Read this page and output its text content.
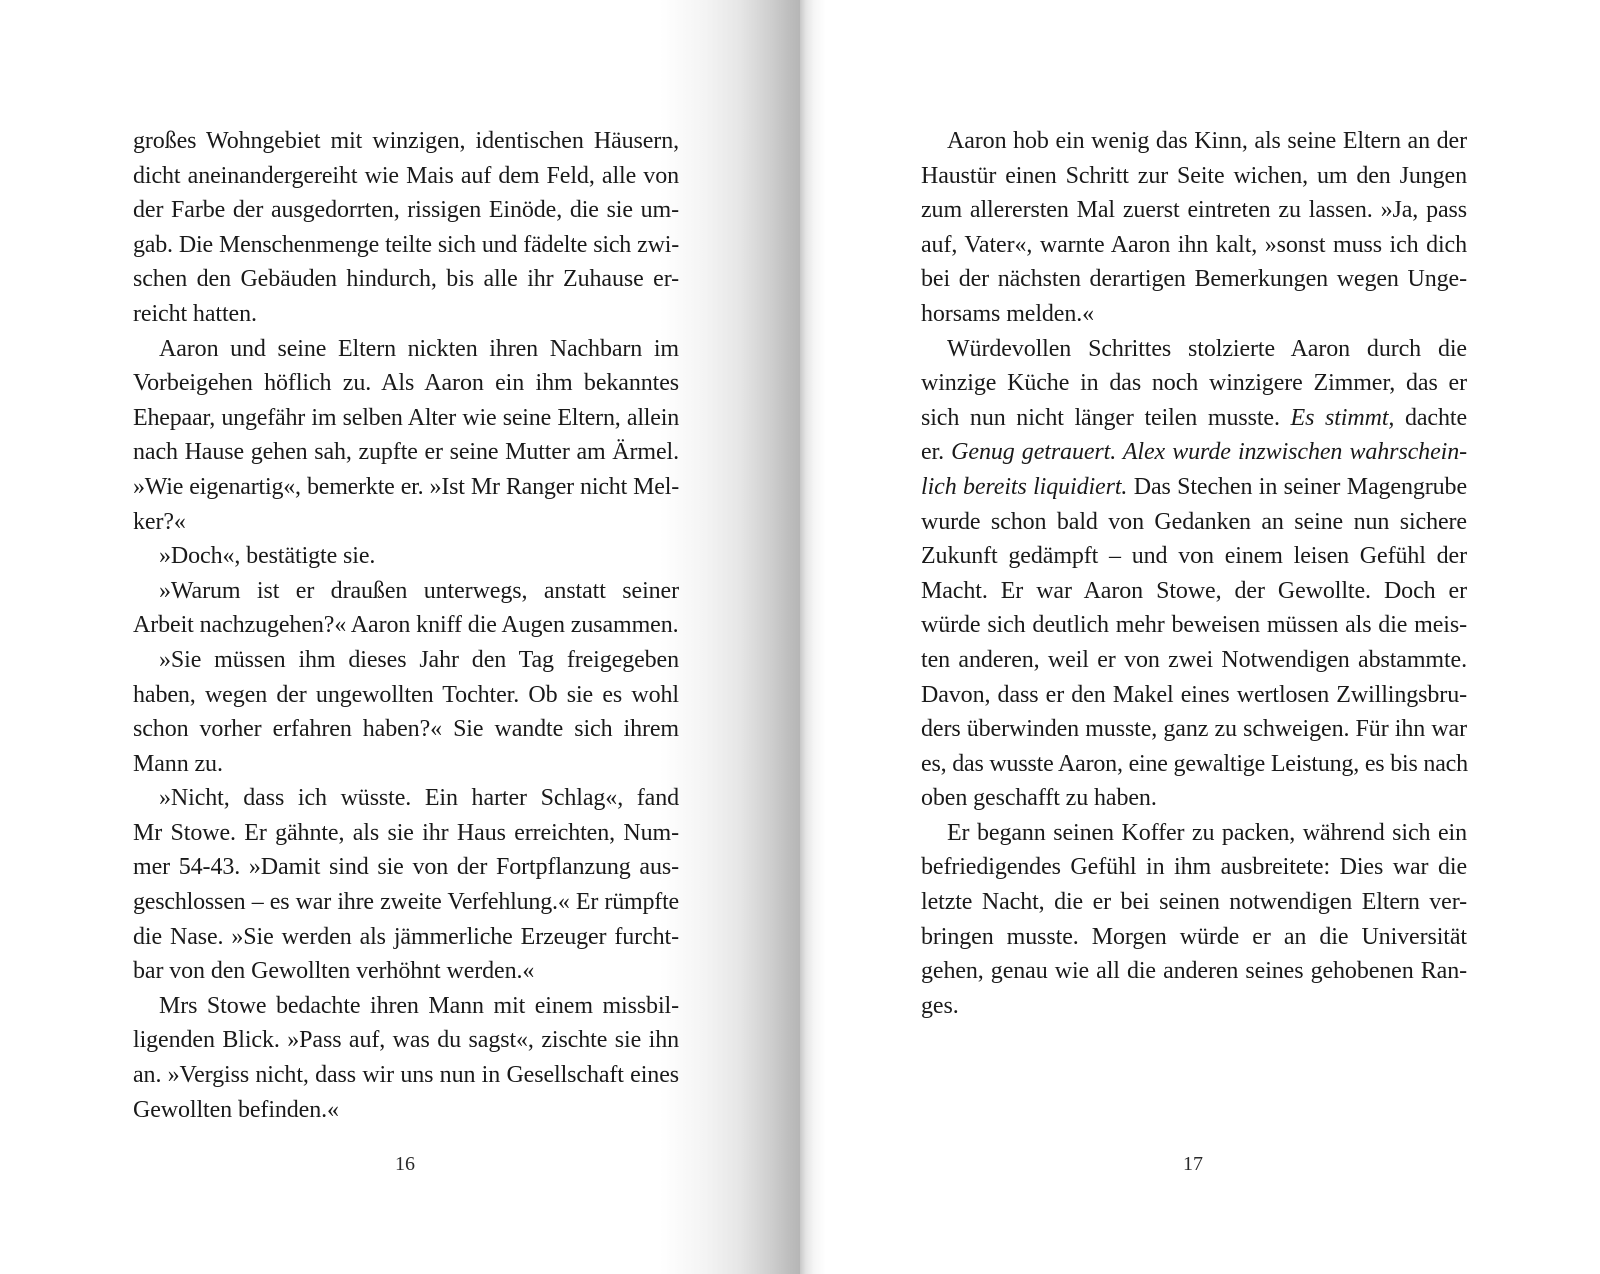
großes Wohngebiet mit winzigen, identischen Häusern,
dicht aneinandergereiht wie Mais auf dem Feld, alle von
der Farbe der ausgedorrten, rissigen Einöde, die sie um-
gab. Die Menschenmenge teilte sich und fädelte sich zwi-
schen den Gebäuden hindurch, bis alle ihr Zuhause er-
reicht hatten.
Aaron und seine Eltern nickten ihren Nachbarn im
Vorbeigehen höflich zu. Als Aaron ein ihm bekanntes
Ehepaar, ungefähr im selben Alter wie seine Eltern, allein
nach Hause gehen sah, zupfte er seine Mutter am Ärmel.
»Wie eigenartig«, bemerkte er. »Ist Mr Ranger nicht Mel-
ker?«
»Doch«, bestätigte sie.
»Warum ist er draußen unterwegs, anstatt seiner
Arbeit nachzugehen?« Aaron kniff die Augen zusammen.
»Sie müssen ihm dieses Jahr den Tag freigegeben
haben, wegen der ungewollten Tochter. Ob sie es wohl
schon vorher erfahren haben?« Sie wandte sich ihrem
Mann zu.
»Nicht, dass ich wüsste. Ein harter Schlag«, fand
Mr Stowe. Er gähnte, als sie ihr Haus erreichten, Num-
mer 54-43. »Damit sind sie von der Fortpflanzung aus-
geschlossen – es war ihre zweite Verfehlung.« Er rümpfte
die Nase. »Sie werden als jämmerliche Erzeuger furcht-
bar von den Gewollten verhöhnt werden.«
Mrs Stowe bedachte ihren Mann mit einem missbil-
ligenden Blick. »Pass auf, was du sagst«, zischte sie ihn
an. »Vergiss nicht, dass wir uns nun in Gesellschaft eines
Gewollten befinden.«
16
Aaron hob ein wenig das Kinn, als seine Eltern an der
Haustür einen Schritt zur Seite wichen, um den Jungen
zum allerersten Mal zuerst eintreten zu lassen. »Ja, pass
auf, Vater«, warnte Aaron ihn kalt, »sonst muss ich dich
bei der nächsten derartigen Bemerkungen wegen Unge-
horsams melden.«
Würdevollen Schrittes stolzierte Aaron durch die
winzige Küche in das noch winzigere Zimmer, das er
sich nun nicht länger teilen musste. Es stimmt, dachte
er. Genug getrauert. Alex wurde inzwischen wahrschein-
lich bereits liquidiert. Das Stechen in seiner Magengrube
wurde schon bald von Gedanken an seine nun sichere
Zukunft gedämpft – und von einem leisen Gefühl der
Macht. Er war Aaron Stowe, der Gewollte. Doch er
würde sich deutlich mehr beweisen müssen als die meis-
ten anderen, weil er von zwei Notwendigen abstammte.
Davon, dass er den Makel eines wertlosen Zwillingsbru-
ders überwinden musste, ganz zu schweigen. Für ihn war
es, das wusste Aaron, eine gewaltige Leistung, es bis nach
oben geschafft zu haben.
Er begann seinen Koffer zu packen, während sich ein
befriedigendes Gefühl in ihm ausbreitete: Dies war die
letzte Nacht, die er bei seinen notwendigen Eltern ver-
bringen musste. Morgen würde er an die Universität
gehen, genau wie all die anderen seines gehobenen Ran-
ges.
17
